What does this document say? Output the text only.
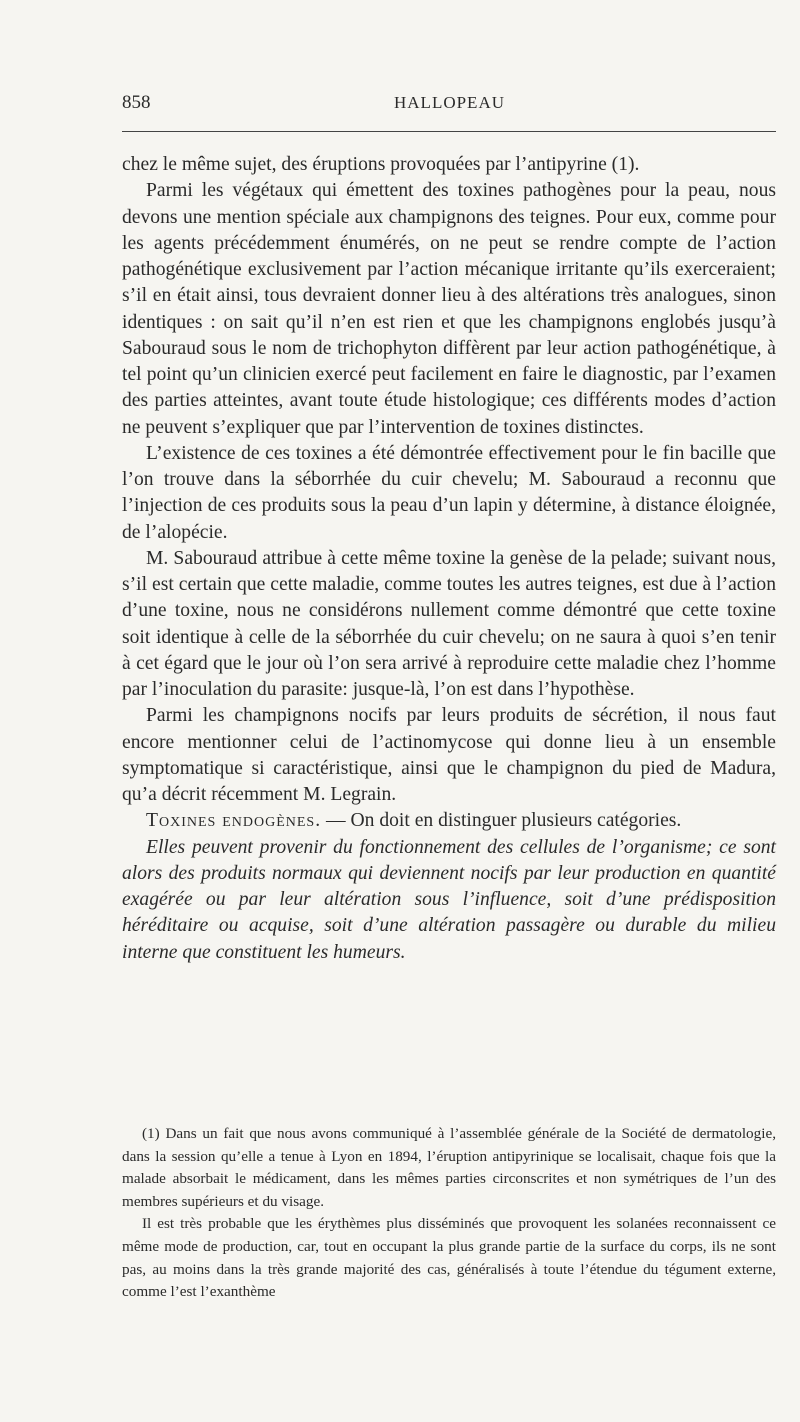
858	HALLOPEAU

chez le même sujet, des éruptions provoquées par l’antipyrine (1).

Parmi les végétaux qui émettent des toxines pathogènes pour la peau, nous devons une mention spéciale aux champignons des teignes. Pour eux, comme pour les agents précédemment énumérés, on ne peut se rendre compte de l’action pathogénétique exclusivement par l’action mécanique irritante qu’ils exerceraient; s’il en était ainsi, tous devraient donner lieu à des altérations très analogues, sinon identiques : on sait qu’il n’en est rien et que les champignons englobés jusqu’à Sabouraud sous le nom de trichophyton diffèrent par leur action pathogénétique, à tel point qu’un clinicien exercé peut facilement en faire le diagnostic, par l’examen des parties atteintes, avant toute étude histologique; ces différents modes d’action ne peuvent s’expliquer que par l’intervention de toxines distinctes.

L’existence de ces toxines a été démontrée effectivement pour le fin bacille que l’on trouve dans la séborrhée du cuir chevelu; M. Sabouraud a reconnu que l’injection de ces produits sous la peau d’un lapin y détermine, à distance éloignée, de l’alopécie.

M. Sabouraud attribue à cette même toxine la genèse de la pelade; suivant nous, s’il est certain que cette maladie, comme toutes les autres teignes, est due à l’action d’une toxine, nous ne considérons nullement comme démontré que cette toxine soit identique à celle de la séborrhée du cuir chevelu; on ne saura à quoi s’en tenir à cet égard que le jour où l’on sera arrivé à reproduire cette maladie chez l’homme par l’inoculation du parasite: jusque-là, l’on est dans l’hypothèse.

Parmi les champignons nocifs par leurs produits de sécrétion, il nous faut encore mentionner celui de l’actinomycose qui donne lieu à un ensemble symptomatique si caractéristique, ainsi que le champignon du pied de Madura, qu’a décrit récemment M. Legrain.

Toxines endogènes. — On doit en distinguer plusieurs catégories.

Elles peuvent provenir du fonctionnement des cellules de l’organisme; ce sont alors des produits normaux qui deviennent nocifs par leur production en quantité exagérée ou par leur altération sous l’influence, soit d’une prédisposition héréditaire ou acquise, soit d’une altération passagère ou durable du milieu interne que constituent les humeurs.

(1) Dans un fait que nous avons communiqué à l’assemblée générale de la Société de dermatologie, dans la session qu’elle a tenue à Lyon en 1894, l’éruption antipyrinique se localisait, chaque fois que la malade absorbait le médicament, dans les mêmes parties circonscrites et non symétriques de l’un des membres supérieurs et du visage.

Il est très probable que les érythèmes plus disséminés que provoquent les solanées reconnaissent ce même mode de production, car, tout en occupant la plus grande partie de la surface du corps, ils ne sont pas, au moins dans la très grande majorité des cas, généralisés à toute l’étendue du tégument externe, comme l’est l’exanthème
